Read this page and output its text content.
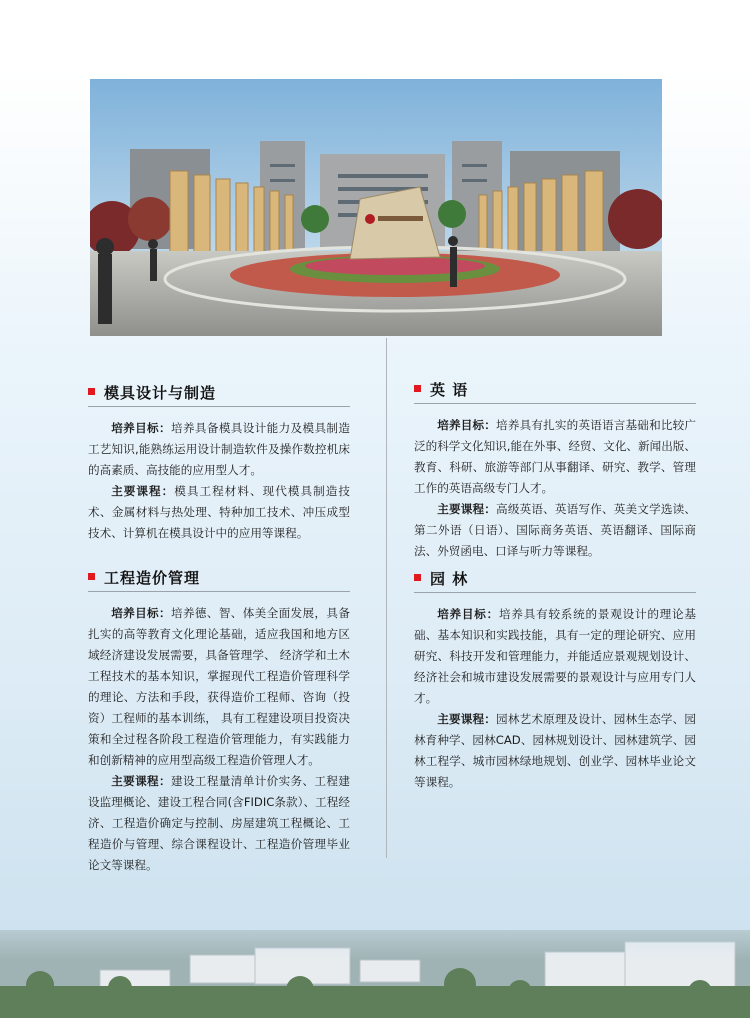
模具设计与制造

培养目标：培养具备模具设计能力及模具制造工艺知识,能熟练运用设计制造软件及操作数控机床的高素质、高技能的应用型人才。

主要课程：模具工程材料、现代模具制造技术、金属材料与热处理、特种加工技术、冲压成型技术、计算机在模具设计中的应用等课程。

工程造价管理

培养目标：培养德、智、体美全面发展，具备扎实的高等教育文化理论基础，适应我国和地方区域经济建设发展需要，具备管理学、 经济学和土木工程技术的基本知识，掌握现代工程造价管理科学的理论、方法和手段，获得造价工程师、咨询（投资）工程师的基本训练， 具有工程建设项目投资决策和全过程各阶段工程造价管理能力，有实践能力和创新精神的应用型高级工程造价管理人才。

主要课程：建设工程量清单计价实务、工程建设监理概论、建设工程合同(含FIDIC条款）、工程经济、工程造价确定与控制、房屋建筑工程概论、工程造价与管理、综合课程设计、工程造价管理毕业论文等课程。

英 语

培养目标：培养具有扎实的英语语言基础和比较广泛的科学文化知识,能在外事、经贸、文化、新闻出版、教育、科研、旅游等部门从事翻译、研究、教学、管理工作的英语高级专门人才。

主要课程：高级英语、英语写作、英美文学选读、第二外语（日语）、国际商务英语、英语翻译、国际商法、外贸函电、口译与听力等课程。

园 林

培养目标：培养具有较系统的景观设计的理论基础、基本知识和实践技能，具有一定的理论研究、应用研究、科技开发和管理能力，并能适应景观规划设计、经济社会和城市建设发展需要的景观设计与应用专门人才。

主要课程：园林艺术原理及设计、园林生态学、园林育种学、园林CAD、园林规划设计、园林建筑学、园林工程学、城市园林绿地规划、创业学、园林毕业论文等课程。
